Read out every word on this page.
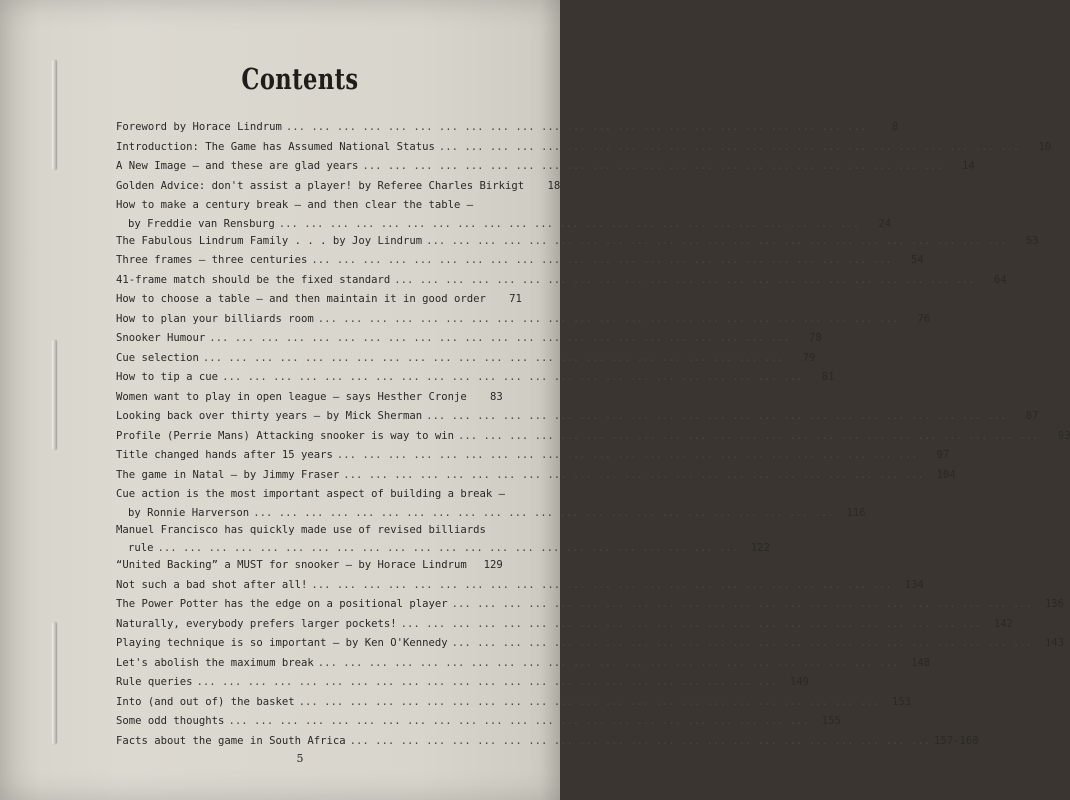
Contents
Foreword by Horace Lindrum ... ... ... ... ... ... ... ... ... ... ... ... ... ... ... ... ... ... ... ... ... ... ...	8
Introduction: The Game has Assumed National Status ... ... ... ... ... ... ... ... ... ... ... ... ... ... ... ... ... ... ... ... ... ... ...	10
A New Image — and these are glad years ... ... ... ... ... ... ... ... ... ... ... ... ... ... ... ... ... ... ... ... ... ... ...	14
Golden Advice: don't assist a player! by Referee Charles Birkigt	18
How to make a century break — and then clear the table —
by Freddie van Rensburg ... ... ... ... ... ... ... ... ... ... ... ... ... ... ... ... ... ... ... ... ... ... ...	24
The Fabulous Lindrum Family . . . by Joy Lindrum ... ... ... ... ... ... ... ... ... ... ... ... ... ... ... ... ... ... ... ... ... ... ...	53
Three frames — three centuries ... ... ... ... ... ... ... ... ... ... ... ... ... ... ... ... ... ... ... ... ... ... ...	54
41-frame match should be the fixed standard ... ... ... ... ... ... ... ... ... ... ... ... ... ... ... ... ... ... ... ... ... ... ...	64
How to choose a table — and then maintain it in good order	71
How to plan your billiards room ... ... ... ... ... ... ... ... ... ... ... ... ... ... ... ... ... ... ... ... ... ... ...	76
Snooker Humour ... ... ... ... ... ... ... ... ... ... ... ... ... ... ... ... ... ... ... ... ... ... ...	78
Cue selection ... ... ... ... ... ... ... ... ... ... ... ... ... ... ... ... ... ... ... ... ... ... ...	79
How to tip a cue ... ... ... ... ... ... ... ... ... ... ... ... ... ... ... ... ... ... ... ... ... ... ...	81
Women want to play in open league — says Hesther Cronje	83
Looking back over thirty years — by Mick Sherman ... ... ... ... ... ... ... ... ... ... ... ... ... ... ... ... ... ... ... ... ... ... ...	87
Profile (Perrie Mans) Attacking snooker is way to win ... ... ... ... ... ... ... ... ... ... ... ... ... ... ... ... ... ... ... ... ... ... ...	93
Title changed hands after 15 years ... ... ... ... ... ... ... ... ... ... ... ... ... ... ... ... ... ... ... ... ... ... ...	97
The game in Natal — by Jimmy Fraser ... ... ... ... ... ... ... ... ... ... ... ... ... ... ... ... ... ... ... ... ... ... ...	104
Cue action is the most important aspect of building a break —
by Ronnie Harverson ... ... ... ... ... ... ... ... ... ... ... ... ... ... ... ... ... ... ... ... ... ... ...	116
Manuel Francisco has quickly made use of revised billiards
rule ... ... ... ... ... ... ... ... ... ... ... ... ... ... ... ... ... ... ... ... ... ... ...	122
“United Backing” a MUST for snooker — by Horace Lindrum	129
Not such a bad shot after all! ... ... ... ... ... ... ... ... ... ... ... ... ... ... ... ... ... ... ... ... ... ... ...	134
The Power Potter has the edge on a positional player ... ... ... ... ... ... ... ... ... ... ... ... ... ... ... ... ... ... ... ... ... ... ...	136
Naturally, everybody prefers larger pockets! ... ... ... ... ... ... ... ... ... ... ... ... ... ... ... ... ... ... ... ... ... ... ...	142
Playing technique is so important — by Ken O'Kennedy ... ... ... ... ... ... ... ... ... ... ... ... ... ... ... ... ... ... ... ... ... ... ...	143
Let's abolish the maximum break ... ... ... ... ... ... ... ... ... ... ... ... ... ... ... ... ... ... ... ... ... ... ...	148
Rule queries ... ... ... ... ... ... ... ... ... ... ... ... ... ... ... ... ... ... ... ... ... ... ...	149
Into (and out of) the basket ... ... ... ... ... ... ... ... ... ... ... ... ... ... ... ... ... ... ... ... ... ... ...	153
Some odd thoughts ... ... ... ... ... ... ... ... ... ... ... ... ... ... ... ... ... ... ... ... ... ... ...	155
Facts about the game in South Africa ... ... ... ... ... ... ... ... ... ... ... ... ... ... ... ... ... ... ... ... ... ... ... 157-160
5
